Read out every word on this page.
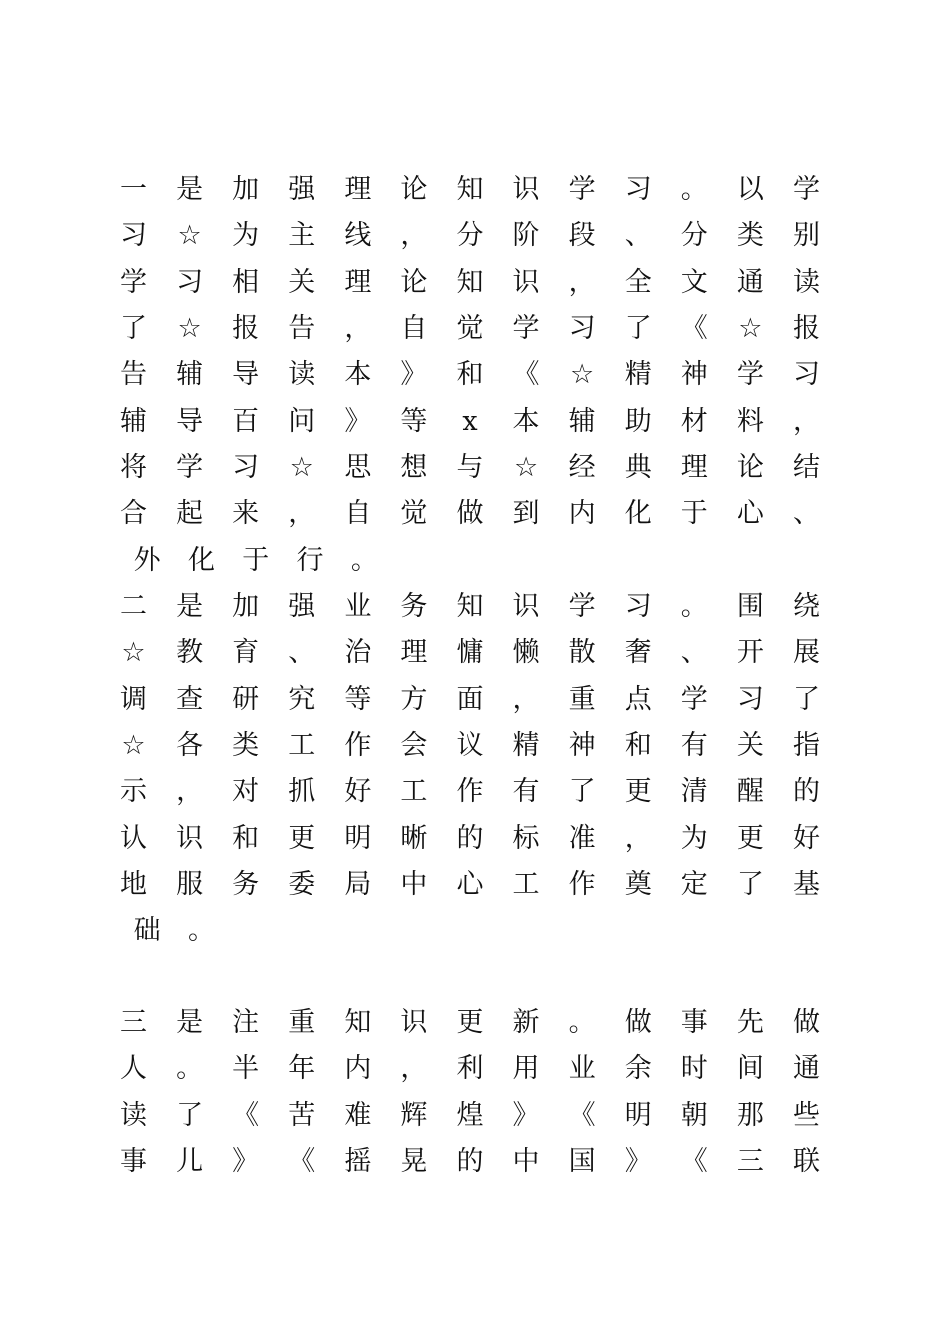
一 是 加 强 理 论 知 识 学 习 。 以 学
习 ☆ 为 主 线 ， 分 阶 段 、 分 类 别
学 习 相 关 理 论 知 识 ， 全 文 通 读
了 ☆ 报 告 ， 自 觉 学 习 了 《 ☆ 报
告 辅 导 读 本 》 和 《 ☆ 精 神 学 习
辅 导 百 问 》 等 x 本 辅 助 材 料 ，
将 学 习 ☆ 思 想 与 ☆ 经 典 理 论 结
合 起 来 ， 自 觉 做 到 内 化 于 心 、
外	化	于	行	。
二 是 加 强 业 务 知 识 学 习 。 围 绕
☆ 教 育 、 治 理 慵 懒 散 奢 、 开 展
调 查 研 究 等 方 面 ， 重 点 学 习 了
☆ 各 类 工 作 会 议 精 神 和 有 关 指
示 ， 对 抓 好 工 作 有 了 更 清 醒 的
认 识 和 更 明 晰 的 标 准 ， 为 更 好
地 服 务 委 局 中 心 工 作 奠 定 了 基
础	。
三 是 注 重 知 识 更 新 。 做 事 先 做
人 。 半 年 内 ， 利 用 业 余 时 间 通
读 了 《 苦 难 辉 煌 》 《 明 朝 那 些
事 儿 》 《 摇 晃 的 中 国 》 《 三 联
